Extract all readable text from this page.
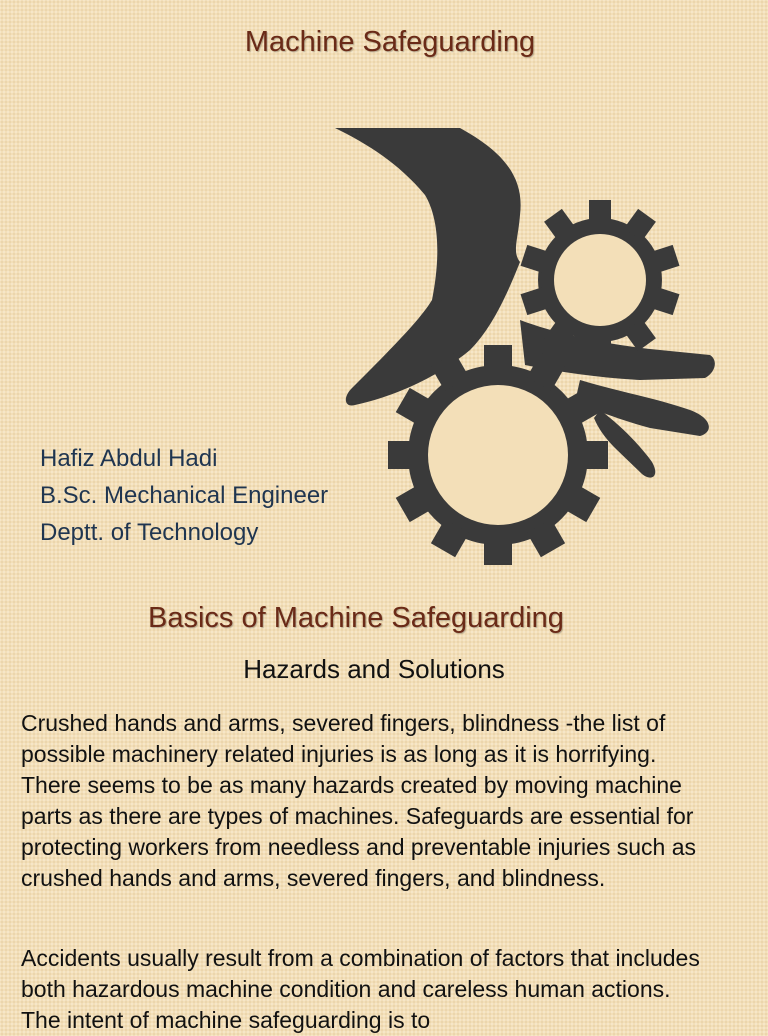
Machine Safeguarding
Hafiz Abdul Hadi
B.Sc. Mechanical Engineer
Deptt. of Technology
Basics of Machine Safeguarding
Hazards and Solutions

Crushed hands and arms, severed fingers, blindness -the list of possible machinery related injuries is as long as it is horrifying. There seems to be as many hazards created by moving machine parts as there are types of machines. Safeguards are essential for protecting workers from needless and preventable injuries such as crushed hands and arms, severed fingers, and blindness.

Accidents usually result from a combination of factors that includes both hazardous machine condition and careless human actions. The intent of machine safeguarding is to
